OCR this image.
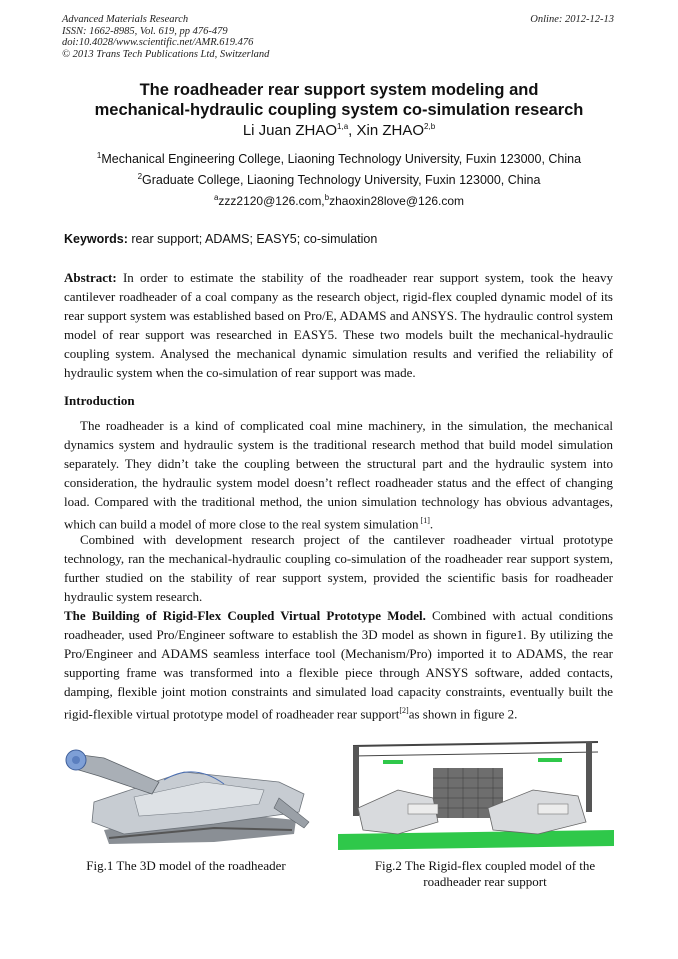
Advanced Materials Research
ISSN: 1662-8985, Vol. 619, pp 476-479
doi:10.4028/www.scientific.net/AMR.619.476
© 2013 Trans Tech Publications Ltd, Switzerland
Online: 2012-12-13
The roadheader rear support system modeling and
mechanical-hydraulic coupling system co-simulation research
Li Juan ZHAO$^{1,a}$, Xin ZHAO$^{2,b}$
$^1$Mechanical Engineering College, Liaoning Technology University, Fuxin 123000, China
$^2$Graduate College, Liaoning Technology University, Fuxin 123000, China
$^a$zzz2120@126.com,$^b$zhaoxin28love@126.com
Keywords: rear support; ADAMS; EASY5; co-simulation
Abstract: In order to estimate the stability of the roadheader rear support system, took the heavy cantilever roadheader of a coal company as the research object, rigid-flex coupled dynamic model of its rear support system was established based on Pro/E, ADAMS and ANSYS. The hydraulic control system model of rear support was researched in EASY5. These two models built the mechanical-hydraulic coupling system. Analysed the mechanical dynamic simulation results and verified the reliability of hydraulic system when the co-simulation of rear support was made.
Introduction
The roadheader is a kind of complicated coal mine machinery, in the simulation, the mechanical dynamics system and hydraulic system is the traditional research method that build model simulation separately. They didn’t take the coupling between the structural part and the hydraulic system into consideration, the hydraulic system model doesn’t reflect roadheader status and the effect of changing load. Compared with the traditional method, the union simulation technology has obvious advantages, which can build a model of more close to the real system simulation [1].
Combined with development research project of the cantilever roadheader virtual prototype technology, ran the mechanical-hydraulic coupling co-simulation of the roadheader rear support system, further studied on the stability of rear support system, provided the scientific basis for roadheader hydraulic system research.
The Building of Rigid-Flex Coupled Virtual Prototype Model. Combined with actual conditions roadheader, used Pro/Engineer software to establish the 3D model as shown in figure1. By utilizing the Pro/Engineer and ADAMS seamless interface tool (Mechanism/Pro) imported it to ADAMS, the rear supporting frame was transformed into a flexible piece through ANSYS software, added contacts, damping, flexible joint motion constraints and simulated load capacity constraints, eventually built the rigid-flexible virtual prototype model of roadheader rear support[2]as shown in figure 2.
Fig.1 The 3D model of the roadheader	Fig.2 The Rigid-flex coupled model of the
roadheader rear support
